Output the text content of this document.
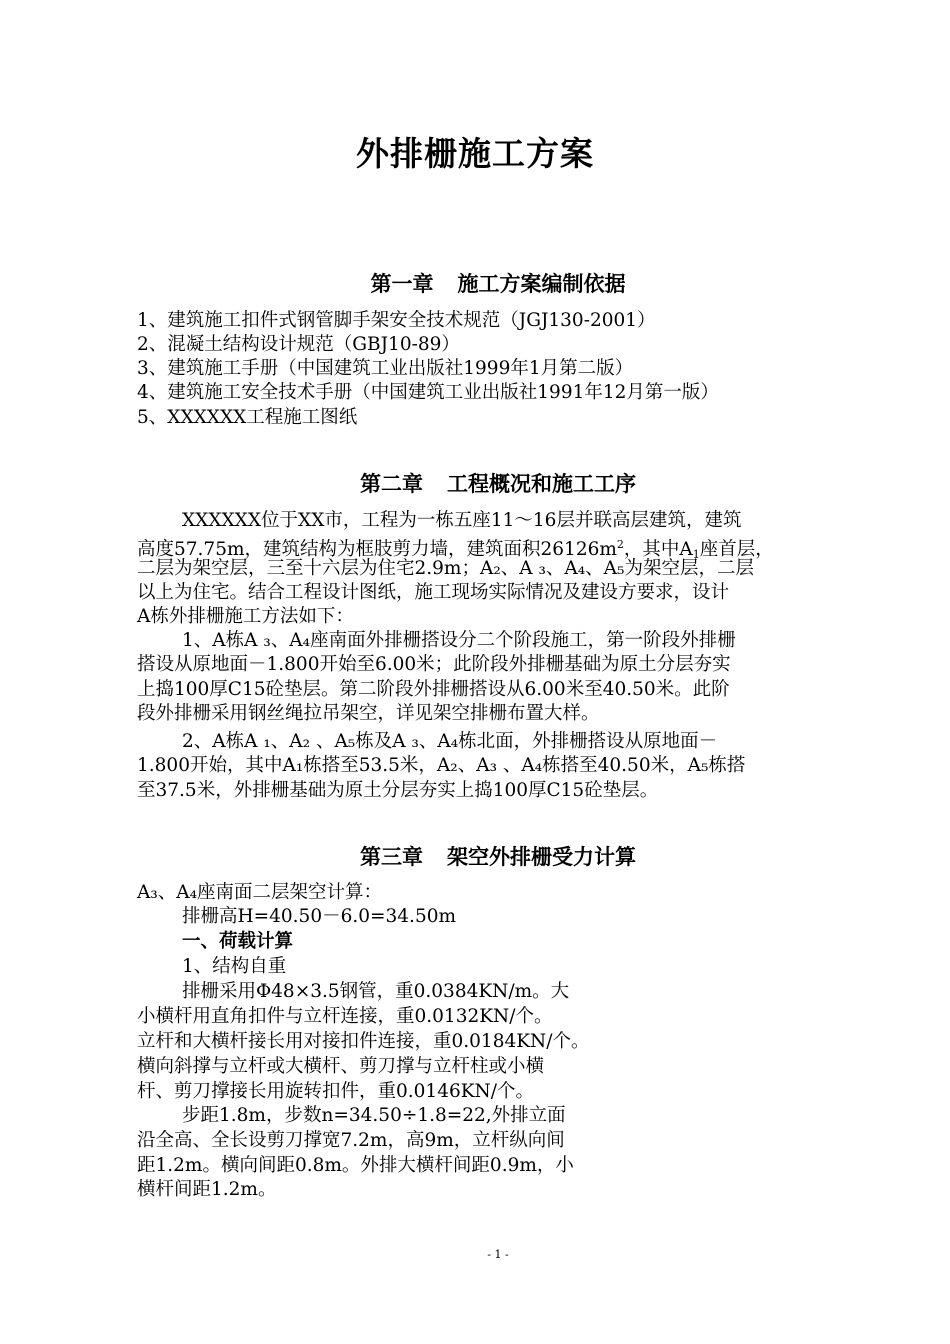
外排栅施工方案
第一章 施工方案编制依据
1、建筑施工扣件式钢管脚手架安全技术规范（JGJ130-2001）
2、混凝土结构设计规范（GBJ10-89）
3、建筑施工手册（中国建筑工业出版社1999年1月第二版）
4、建筑施工安全技术手册（中国建筑工业出版社1991年12月第一版）
5、XXXXXX工程施工图纸
第二章 工程概况和施工工序
XXXXXX位于XX市，工程为一栋五座11～16层并联高层建筑，建筑
高度57.75m，建筑结构为框肢剪力墙，建筑面积$26126m^2$，其中$A_1$座首层，
二层为架空层，三至十六层为住宅2.9m；A₂、A ₃、A₄、A₅为架空层，二层
以上为住宅。结合工程设计图纸，施工现场实际情况及建设方要求，设计
A栋外排栅施工方法如下：
1、A栋A ₃、A₄座南面外排栅搭设分二个阶段施工，第一阶段外排栅
搭设从原地面－1.800开始至6.00米；此阶段外排栅基础为原土分层夯实
上捣100厚C15砼垫层。第二阶段外排栅搭设从6.00米至40.50米。此阶
段外排栅采用钢丝绳拉吊架空，详见架空排栅布置大样。
2、A栋A ₁、A₂ 、A₅栋及A ₃、A₄栋北面，外排栅搭设从原地面－
1.800开始，其中A₁栋搭至53.5米，A₂、A₃ 、A₄栋搭至40.50米，A₅栋搭
至37.5米，外排栅基础为原土分层夯实上捣100厚C15砼垫层。
第三章 架空外排栅受力计算
A₃、A₄座南面二层架空计算：
排栅高H=40.50－6.0=34.50m
一、荷载计算
1、结构自重
排栅采用Φ48×3.5钢管，重0.0384KN/m。大
小横杆用直角扣件与立杆连接，重0.0132KN/个。
立杆和大横杆接长用对接扣件连接，重0.0184KN/个。
横向斜撑与立杆或大横杆、剪刀撑与立杆柱或小横
杆、剪刀撑接长用旋转扣件，重0.0146KN/个。
步距1.8m，步数n=34.50÷1.8=22,外排立面
沿全高、全长设剪刀撑宽7.2m，高9m，立杆纵向间
距1.2m。横向间距0.8m。外排大横杆间距0.9m，小
横杆间距1.2m。
- 1 -
